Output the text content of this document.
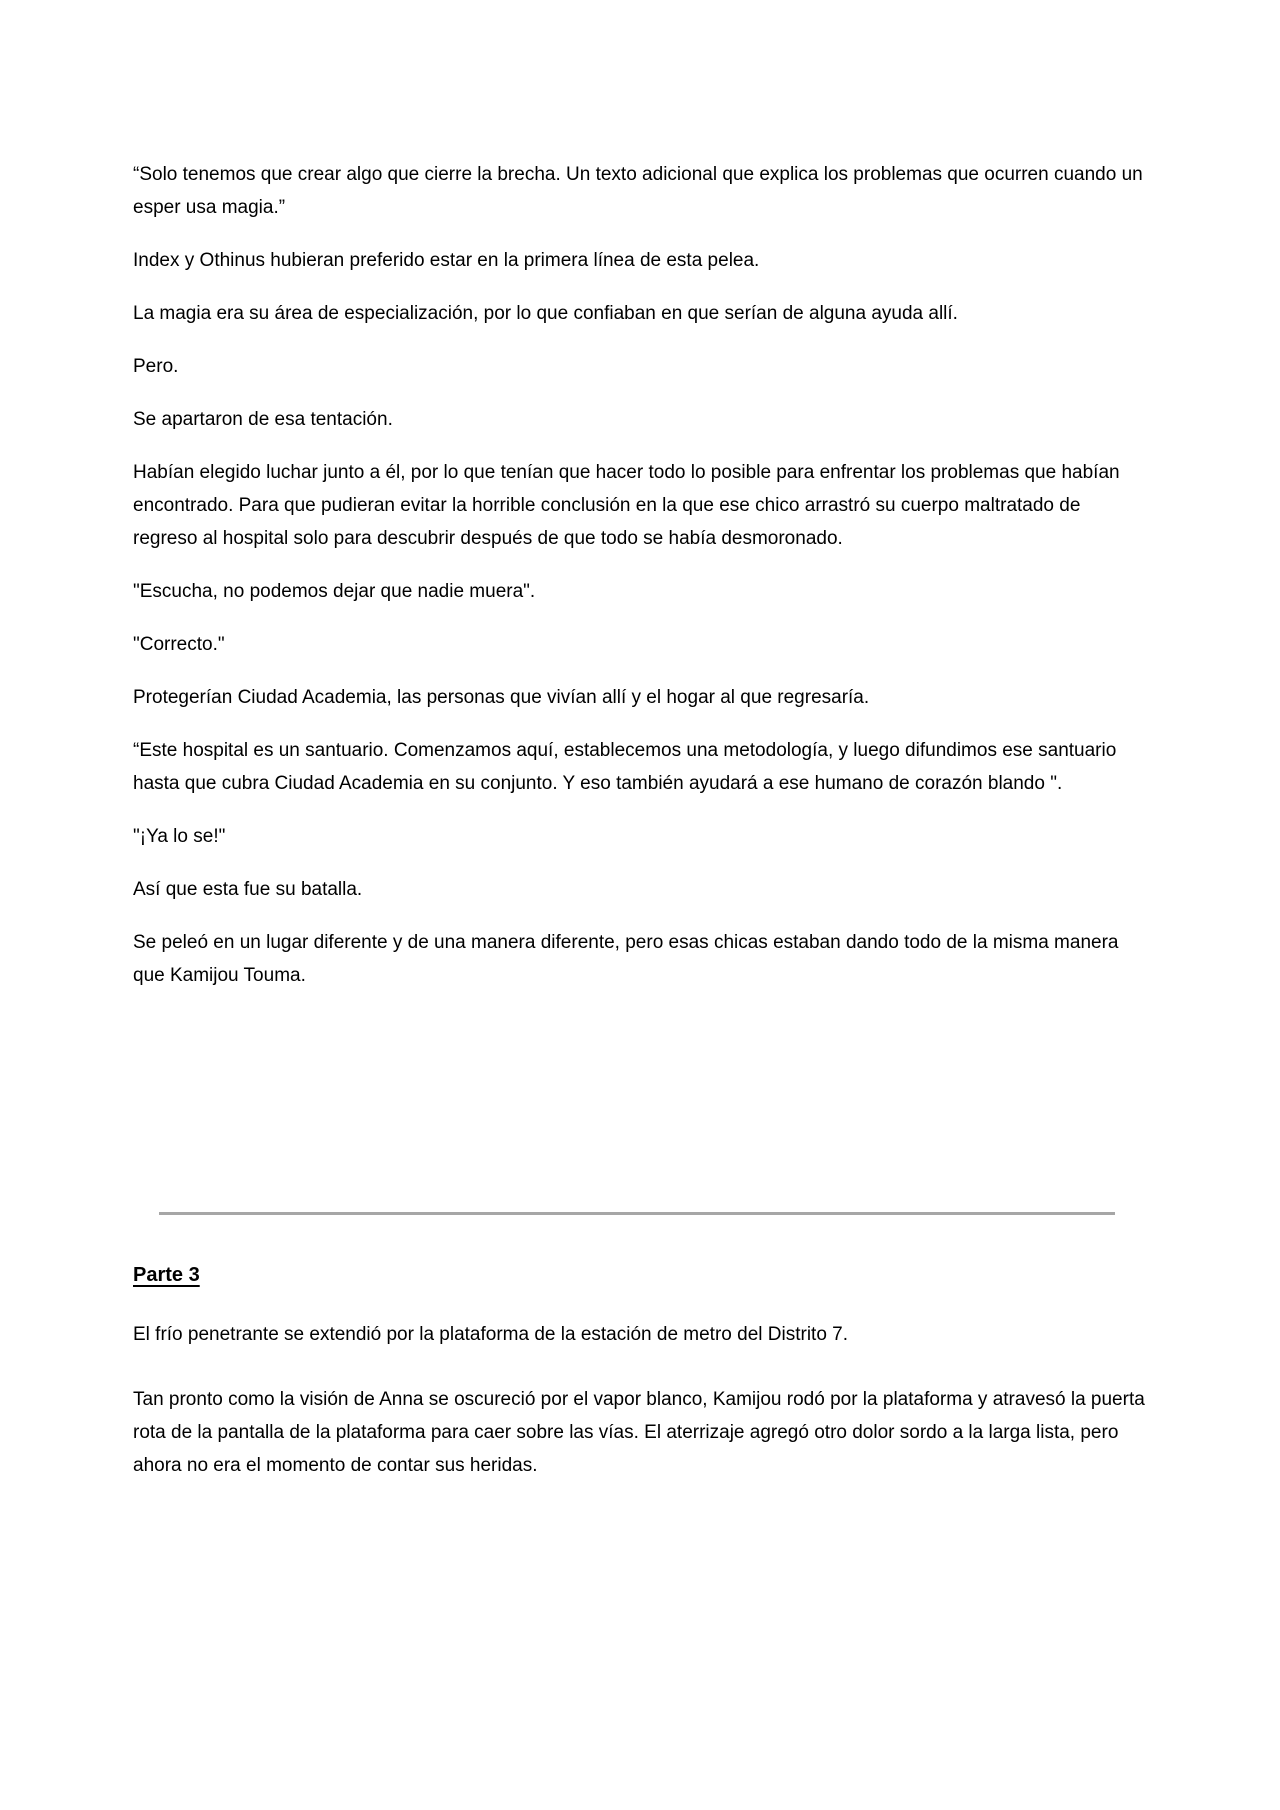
“Solo tenemos que crear algo que cierre la brecha. Un texto adicional que explica los problemas que ocurren cuando un esper usa magia.”

Index y Othinus hubieran preferido estar en la primera línea de esta pelea.

La magia era su área de especialización, por lo que confiaban en que serían de alguna ayuda allí.

Pero.

Se apartaron de esa tentación.

Habían elegido luchar junto a él, por lo que tenían que hacer todo lo posible para enfrentar los problemas que habían encontrado. Para que pudieran evitar la horrible conclusión en la que ese chico arrastró su cuerpo maltratado de regreso al hospital solo para descubrir después de que todo se había desmoronado.

"Escucha, no podemos dejar que nadie muera".

"Correcto."

Protegerían Ciudad Academia, las personas que vivían allí y el hogar al que regresaría.

“Este hospital es un santuario. Comenzamos aquí, establecemos una metodología, y luego difundimos ese santuario hasta que cubra Ciudad Academia en su conjunto. Y eso también ayudará a ese humano de corazón blando ".

"¡Ya lo se!"

Así que esta fue su batalla.

Se peleó en un lugar diferente y de una manera diferente, pero esas chicas estaban dando todo de la misma manera que Kamijou Touma.

Parte 3

El frío penetrante se extendió por la plataforma de la estación de metro del Distrito 7.

Tan pronto como la visión de Anna se oscureció por el vapor blanco, Kamijou rodó por la plataforma y atravesó la puerta rota de la pantalla de la plataforma para caer sobre las vías. El aterrizaje agregó otro dolor sordo a la larga lista, pero ahora no era el momento de contar sus heridas.
